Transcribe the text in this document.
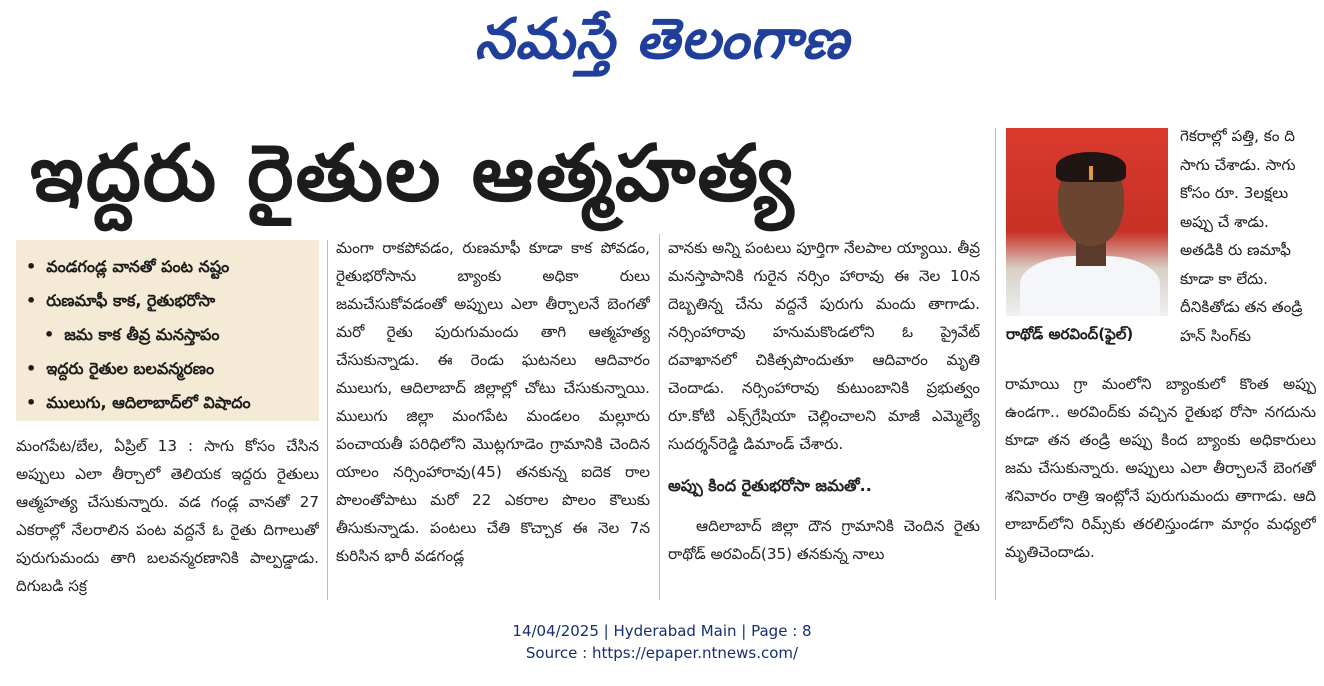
నమస్తే తెలంగాణ
ఇద్దరు రైతుల ఆత్మహత్య
• వండగండ్ల వానతో పంట నష్టం
• రుణమాఫీ కాక, రైతుభరోసా
• జమ కాక తీవ్ర మనస్తాపం
• ఇద్దరు రైతుల బలవన్మరణం
• ములుగు, ఆదిలాబాద్‌లో విషాదం

మంగపేట/బేల, ఏప్రిల్ 13 : సాగు కోసం చేసిన అప్పులు ఎలా తీర్చాలో తెలియక ఇద్దరు రైతులు ఆత్మహత్య చేసుకున్నారు. వడ గండ్ల వానతో 27 ఎకరాల్లో నేలరాలిన పంట వద్దనే ఓ రైతు దిగాలుతో పురుగుమందు తాగి బలవన్మరణానికి పాల్పడ్డాడు. దిగుబడి సక్ర

మంగా రాకపోవడం, రుణమాఫీ కూడా కాక పోవడం, రైతుభరోసాను బ్యాంకు అధికా రులు జమచేసుకోవడంతో అప్పులు ఎలా తీర్చాలనే బెంగతో మరో రైతు పురుగుమందు తాగి ఆత్మహత్య చేసుకున్నాడు. ఈ రెండు ఘటనలు ఆదివారం ములుగు, ఆదిలాబాద్ జిల్లాల్లో చోటు చేసుకున్నాయి. ములుగు జిల్లా మంగపేట మండలం మల్లూరు పంచాయతీ పరిధిలోని మొట్లగూడెం గ్రామానికి చెందిన యాలం నర్సింహారావు(45) తనకున్న ఐదెక రాల పొలంతోపాటు మరో 22 ఎకరాల పొలం కౌలుకు తీసుకున్నాడు. పంటలు చేతి కొచ్చాక ఈ నెల 7న కురిసిన భారీ వడగండ్ల

వానకు అన్ని పంటలు పూర్తిగా నేలపాల య్యాయి. తీవ్ర మనస్తాపానికి గురైన నర్సిం హారావు ఈ నెల 10న దెబ్బతిన్న చేను వద్దనే పురుగు మందు తాగాడు. నర్సింహారావు హనుమకొండలోని ఓ ప్రైవేట్ దవాఖానలో చికిత్సపొందుతూ ఆదివారం మృతి చెందాడు. నర్సింహారావు కుటుంబానికి ప్రభుత్వం రూ.కోటి ఎక్స్‌గ్రేషియా చెల్లించాలని మాజీ ఎమ్మెల్యే సుదర్శన్‌రెడ్డి డిమాండ్ చేశారు.

అప్పు కింద రైతుభరోసా జమతో..

ఆదిలాబాద్ జిల్లా దౌన గ్రామానికి చెందిన రైతు రాథోడ్ అరవింద్(35) తనకున్న నాలు

రాథోడ్ అరవింద్(ఫైల్)
గెకరాల్లో పత్తి, కం ది సాగు చేశాడు. సాగు కోసం రూ. 3లక్షలు అప్పు చే శాడు. అతడికి రు ణమాఫీ కూడా కా లేదు. దీనికితోడు తన తండ్రి హన్ సింగ్‌కు

రామాయి గ్రా మంలోని బ్యాంకులో కొంత అప్పు ఉండగా.. అరవింద్‌కు వచ్చిన రైతుభ రోసా నగదును కూడా తన తండ్రి అప్పు కింద బ్యాంకు అధికారులు జమ చేసుకున్నారు. అప్పులు ఎలా తీర్చాలనే బెంగతో శనివారం రాత్రి ఇంట్లోనే పురుగుమందు తాగాడు. ఆది లాబాద్‌లోని రిమ్స్‌కు తరలిస్తుండగా మార్గం మధ్యలో మృతిచెందాడు.

14/04/2025 | Hyderabad Main | Page : 8
Source : https://epaper.ntnews.com/
